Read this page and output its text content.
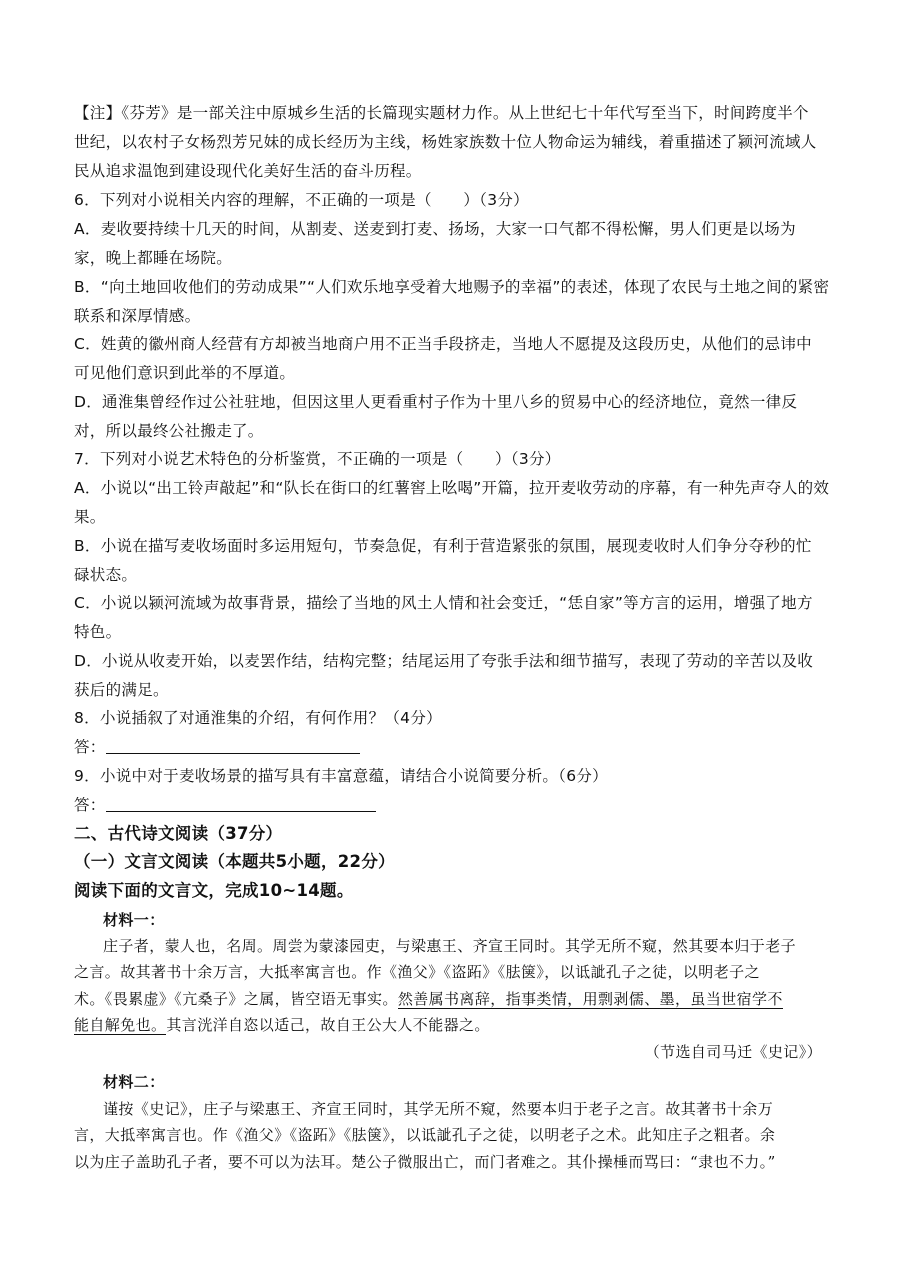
【注】《芬芳》是一部关注中原城乡生活的长篇现实题材力作。从上世纪七十年代写至当下，时间跨度半个
世纪，以农村子女杨烈芳兄妹的成长经历为主线，杨姓家族数十位人物命运为辅线，着重描述了颍河流域人
民从追求温饱到建设现代化美好生活的奋斗历程。
6．下列对小说相关内容的理解，不正确的一项是（　　）（3分）
A．麦收要持续十几天的时间，从割麦、送麦到打麦、扬场，大家一口气都不得松懈，男人们更是以场为
家，晚上都睡在场院。
B．“向土地回收他们的劳动成果”“人们欢乐地享受着大地赐予的幸福”的表述，体现了农民与土地之间的紧密
联系和深厚情感。
C．姓黄的徽州商人经营有方却被当地商户用不正当手段挤走，当地人不愿提及这段历史，从他们的忌讳中
可见他们意识到此举的不厚道。
D．通淮集曾经作过公社驻地，但因这里人更看重村子作为十里八乡的贸易中心的经济地位，竟然一律反
对，所以最终公社搬走了。
7．下列对小说艺术特色的分析鉴赏，不正确的一项是（　　）（3分）
A．小说以“出工铃声敲起”和“队长在街口的红薯窖上吆喝”开篇，拉开麦收劳动的序幕，有一种先声夺人的效
果。
B．小说在描写麦收场面时多运用短句，节奏急促，有利于营造紧张的氛围，展现麦收时人们争分夺秒的忙
碌状态。
C．小说以颍河流域为故事背景，描绘了当地的风土人情和社会变迁，“恁自家”等方言的运用，增强了地方
特色。
D．小说从收麦开始，以麦罢作结，结构完整；结尾运用了夸张手法和细节描写，表现了劳动的辛苦以及收
获后的满足。
8．小说插叙了对通淮集的介绍，有何作用？（4分）
答：
9．小说中对于麦收场景的描写具有丰富意蕴，请结合小说简要分析。（6分）
答：
二、古代诗文阅读（37分）
（一）文言文阅读（本题共5小题，22分）
阅读下面的文言文，完成10~14题。
材料一：
庄子者，蒙人也，名周。周尝为蒙漆园吏，与梁惠王、齐宣王同时。其学无所不窥，然其要本归于老子
之言。故其著书十余万言，大抵率寓言也。作《渔父》《盗跖》《胠箧》，以诋訿孔子之徒，以明老子之
术。《畏累虚》《亢桑子》之属，皆空语无事实。然善属书离辞，指事类情，用剽剥儒、墨，虽当世宿学不
能自解免也。其言洸洋自恣以适己，故自王公大人不能器之。
（节选自司马迁《史记》）
材料二：
谨按《史记》，庄子与梁惠王、齐宣王同时，其学无所不窥，然要本归于老子之言。故其著书十余万
言，大抵率寓言也。作《渔父》《盗跖》《胠箧》，以诋訿孔子之徒，以明老子之术。此知庄子之粗者。余
以为庄子盖助孔子者，要不可以为法耳。楚公子微服出亡，而门者难之。其仆操棰而骂曰：“隶也不力。”
